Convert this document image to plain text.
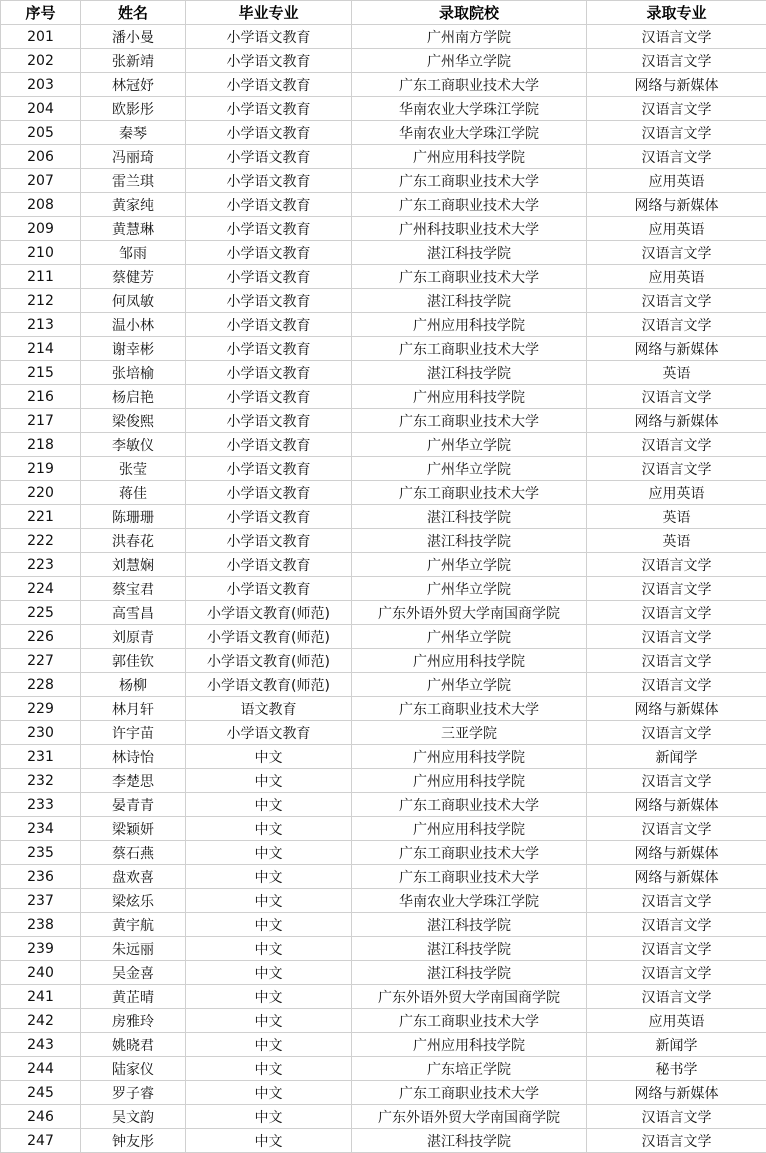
序号	姓名	毕业专业	录取院校	录取专业
201	潘小曼	小学语文教育	广州南方学院	汉语言文学
202	张新靖	小学语文教育	广州华立学院	汉语言文学
203	林冠妤	小学语文教育	广东工商职业技术大学	网络与新媒体
204	欧影彤	小学语文教育	华南农业大学珠江学院	汉语言文学
205	秦琴	小学语文教育	华南农业大学珠江学院	汉语言文学
206	冯丽琦	小学语文教育	广州应用科技学院	汉语言文学
207	雷兰琪	小学语文教育	广东工商职业技术大学	应用英语
208	黄家纯	小学语文教育	广东工商职业技术大学	网络与新媒体
209	黄慧琳	小学语文教育	广州科技职业技术大学	应用英语
210	邹雨	小学语文教育	湛江科技学院	汉语言文学
211	蔡健芳	小学语文教育	广东工商职业技术大学	应用英语
212	何凤敏	小学语文教育	湛江科技学院	汉语言文学
213	温小林	小学语文教育	广州应用科技学院	汉语言文学
214	谢幸彬	小学语文教育	广东工商职业技术大学	网络与新媒体
215	张培榆	小学语文教育	湛江科技学院	英语
216	杨启艳	小学语文教育	广州应用科技学院	汉语言文学
217	梁俊熙	小学语文教育	广东工商职业技术大学	网络与新媒体
218	李敏仪	小学语文教育	广州华立学院	汉语言文学
219	张莹	小学语文教育	广州华立学院	汉语言文学
220	蒋佳	小学语文教育	广东工商职业技术大学	应用英语
221	陈珊珊	小学语文教育	湛江科技学院	英语
222	洪春花	小学语文教育	湛江科技学院	英语
223	刘慧娴	小学语文教育	广州华立学院	汉语言文学
224	蔡宝君	小学语文教育	广州华立学院	汉语言文学
225	高雪昌	小学语文教育(师范)	广东外语外贸大学南国商学院	汉语言文学
226	刘原青	小学语文教育(师范)	广州华立学院	汉语言文学
227	郭佳钦	小学语文教育(师范)	广州应用科技学院	汉语言文学
228	杨柳	小学语文教育(师范)	广州华立学院	汉语言文学
229	林月轩	语文教育	广东工商职业技术大学	网络与新媒体
230	许宇苗	小学语文教育	三亚学院	汉语言文学
231	林诗怡	中文	广州应用科技学院	新闻学
232	李楚思	中文	广州应用科技学院	汉语言文学
233	晏青青	中文	广东工商职业技术大学	网络与新媒体
234	梁颖妍	中文	广州应用科技学院	汉语言文学
235	蔡石燕	中文	广东工商职业技术大学	网络与新媒体
236	盘欢喜	中文	广东工商职业技术大学	网络与新媒体
237	梁炫乐	中文	华南农业大学珠江学院	汉语言文学
238	黄宇航	中文	湛江科技学院	汉语言文学
239	朱远丽	中文	湛江科技学院	汉语言文学
240	吴金喜	中文	湛江科技学院	汉语言文学
241	黄芷晴	中文	广东外语外贸大学南国商学院	汉语言文学
242	房雅玲	中文	广东工商职业技术大学	应用英语
243	姚晓君	中文	广州应用科技学院	新闻学
244	陆家仪	中文	广东培正学院	秘书学
245	罗子睿	中文	广东工商职业技术大学	网络与新媒体
246	吴文韵	中文	广东外语外贸大学南国商学院	汉语言文学
247	钟友彤	中文	湛江科技学院	汉语言文学
